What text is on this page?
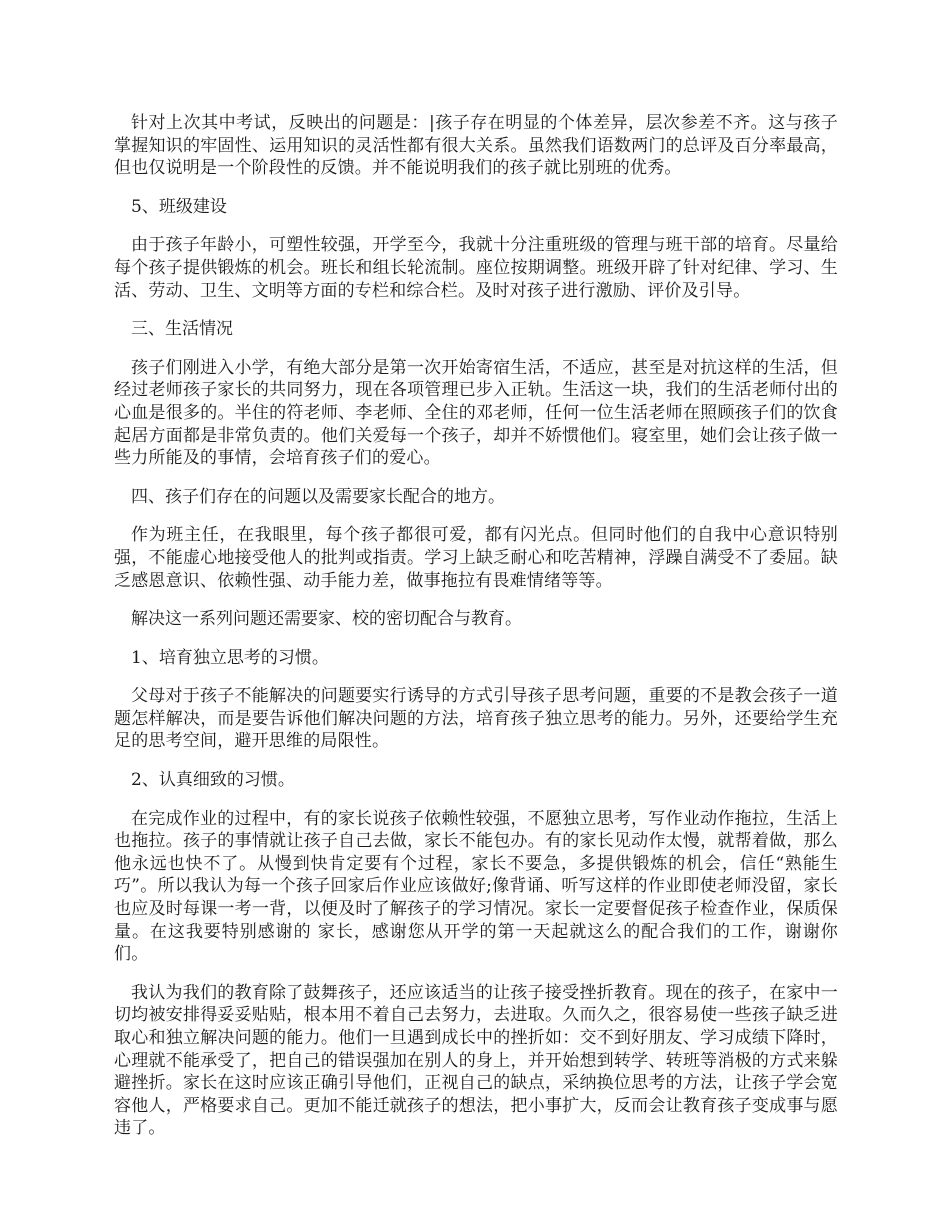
针对上次其中考试，反映出的问题是：|孩子存在明显的个体差异，层次参差不齐。这与孩子掌握知识的牢固性、运用知识的灵活性都有很大关系。虽然我们语数两门的总评及百分率最高，但也仅说明是一个阶段性的反馈。并不能说明我们的孩子就比别班的优秀。

5、班级建设

由于孩子年龄小，可塑性较强，开学至今，我就十分注重班级的管理与班干部的培育。尽量给每个孩子提供锻炼的机会。班长和组长轮流制。座位按期调整。班级开辟了针对纪律、学习、生活、劳动、卫生、文明等方面的专栏和综合栏。及时对孩子进行激励、评价及引导。

三、生活情况

孩子们刚进入小学，有绝大部分是第一次开始寄宿生活，不适应，甚至是对抗这样的生活，但经过老师孩子家长的共同努力，现在各项管理已步入正轨。生活这一块，我们的生活老师付出的心血是很多的。半住的符老师、李老师、全住的邓老师，任何一位生活老师在照顾孩子们的饮食起居方面都是非常负责的。他们关爱每一个孩子，却并不娇惯他们。寝室里，她们会让孩子做一些力所能及的事情，会培育孩子们的爱心。

四、孩子们存在的问题以及需要家长配合的地方。

作为班主任，在我眼里，每个孩子都很可爱，都有闪光点。但同时他们的自我中心意识特别强，不能虚心地接受他人的批判或指责。学习上缺乏耐心和吃苦精神，浮躁自满受不了委屈。缺乏感恩意识、依赖性强、动手能力差，做事拖拉有畏难情绪等等。

解决这一系列问题还需要家、校的密切配合与教育。

1、培育独立思考的习惯。

父母对于孩子不能解决的问题要实行诱导的方式引导孩子思考问题，重要的不是教会孩子一道题怎样解决，而是要告诉他们解决问题的方法，培育孩子独立思考的能力。另外，还要给学生充足的思考空间，避开思维的局限性。

2、认真细致的习惯。

在完成作业的过程中，有的家长说孩子依赖性较强，不愿独立思考，写作业动作拖拉，生活上也拖拉。孩子的事情就让孩子自己去做，家长不能包办。有的家长见动作太慢，就帮着做，那么他永远也快不了。从慢到快肯定要有个过程，家长不要急，多提供锻炼的机会，信任“熟能生巧”。所以我认为每一个孩子回家后作业应该做好;像背诵、听写这样的作业即使老师没留，家长也应及时每课一考一背，以便及时了解孩子的学习情况。家长一定要督促孩子检查作业，保质保量。在这我要特别感谢的 家长，感谢您从开学的第一天起就这么的配合我们的工作，谢谢你们。

我认为我们的教育除了鼓舞孩子，还应该适当的让孩子接受挫折教育。现在的孩子，在家中一切均被安排得妥妥贴贴，根本用不着自己去努力，去进取。久而久之，很容易使一些孩子缺乏进取心和独立解决问题的能力。他们一旦遇到成长中的挫折如：交不到好朋友、学习成绩下降时，心理就不能承受了，把自己的错误强加在别人的身上，并开始想到转学、转班等消极的方式来躲避挫折。家长在这时应该正确引导他们，正视自己的缺点，采纳换位思考的方法，让孩子学会宽容他人，严格要求自己。更加不能迁就孩子的想法，把小事扩大，反而会让教育孩子变成事与愿违了。
